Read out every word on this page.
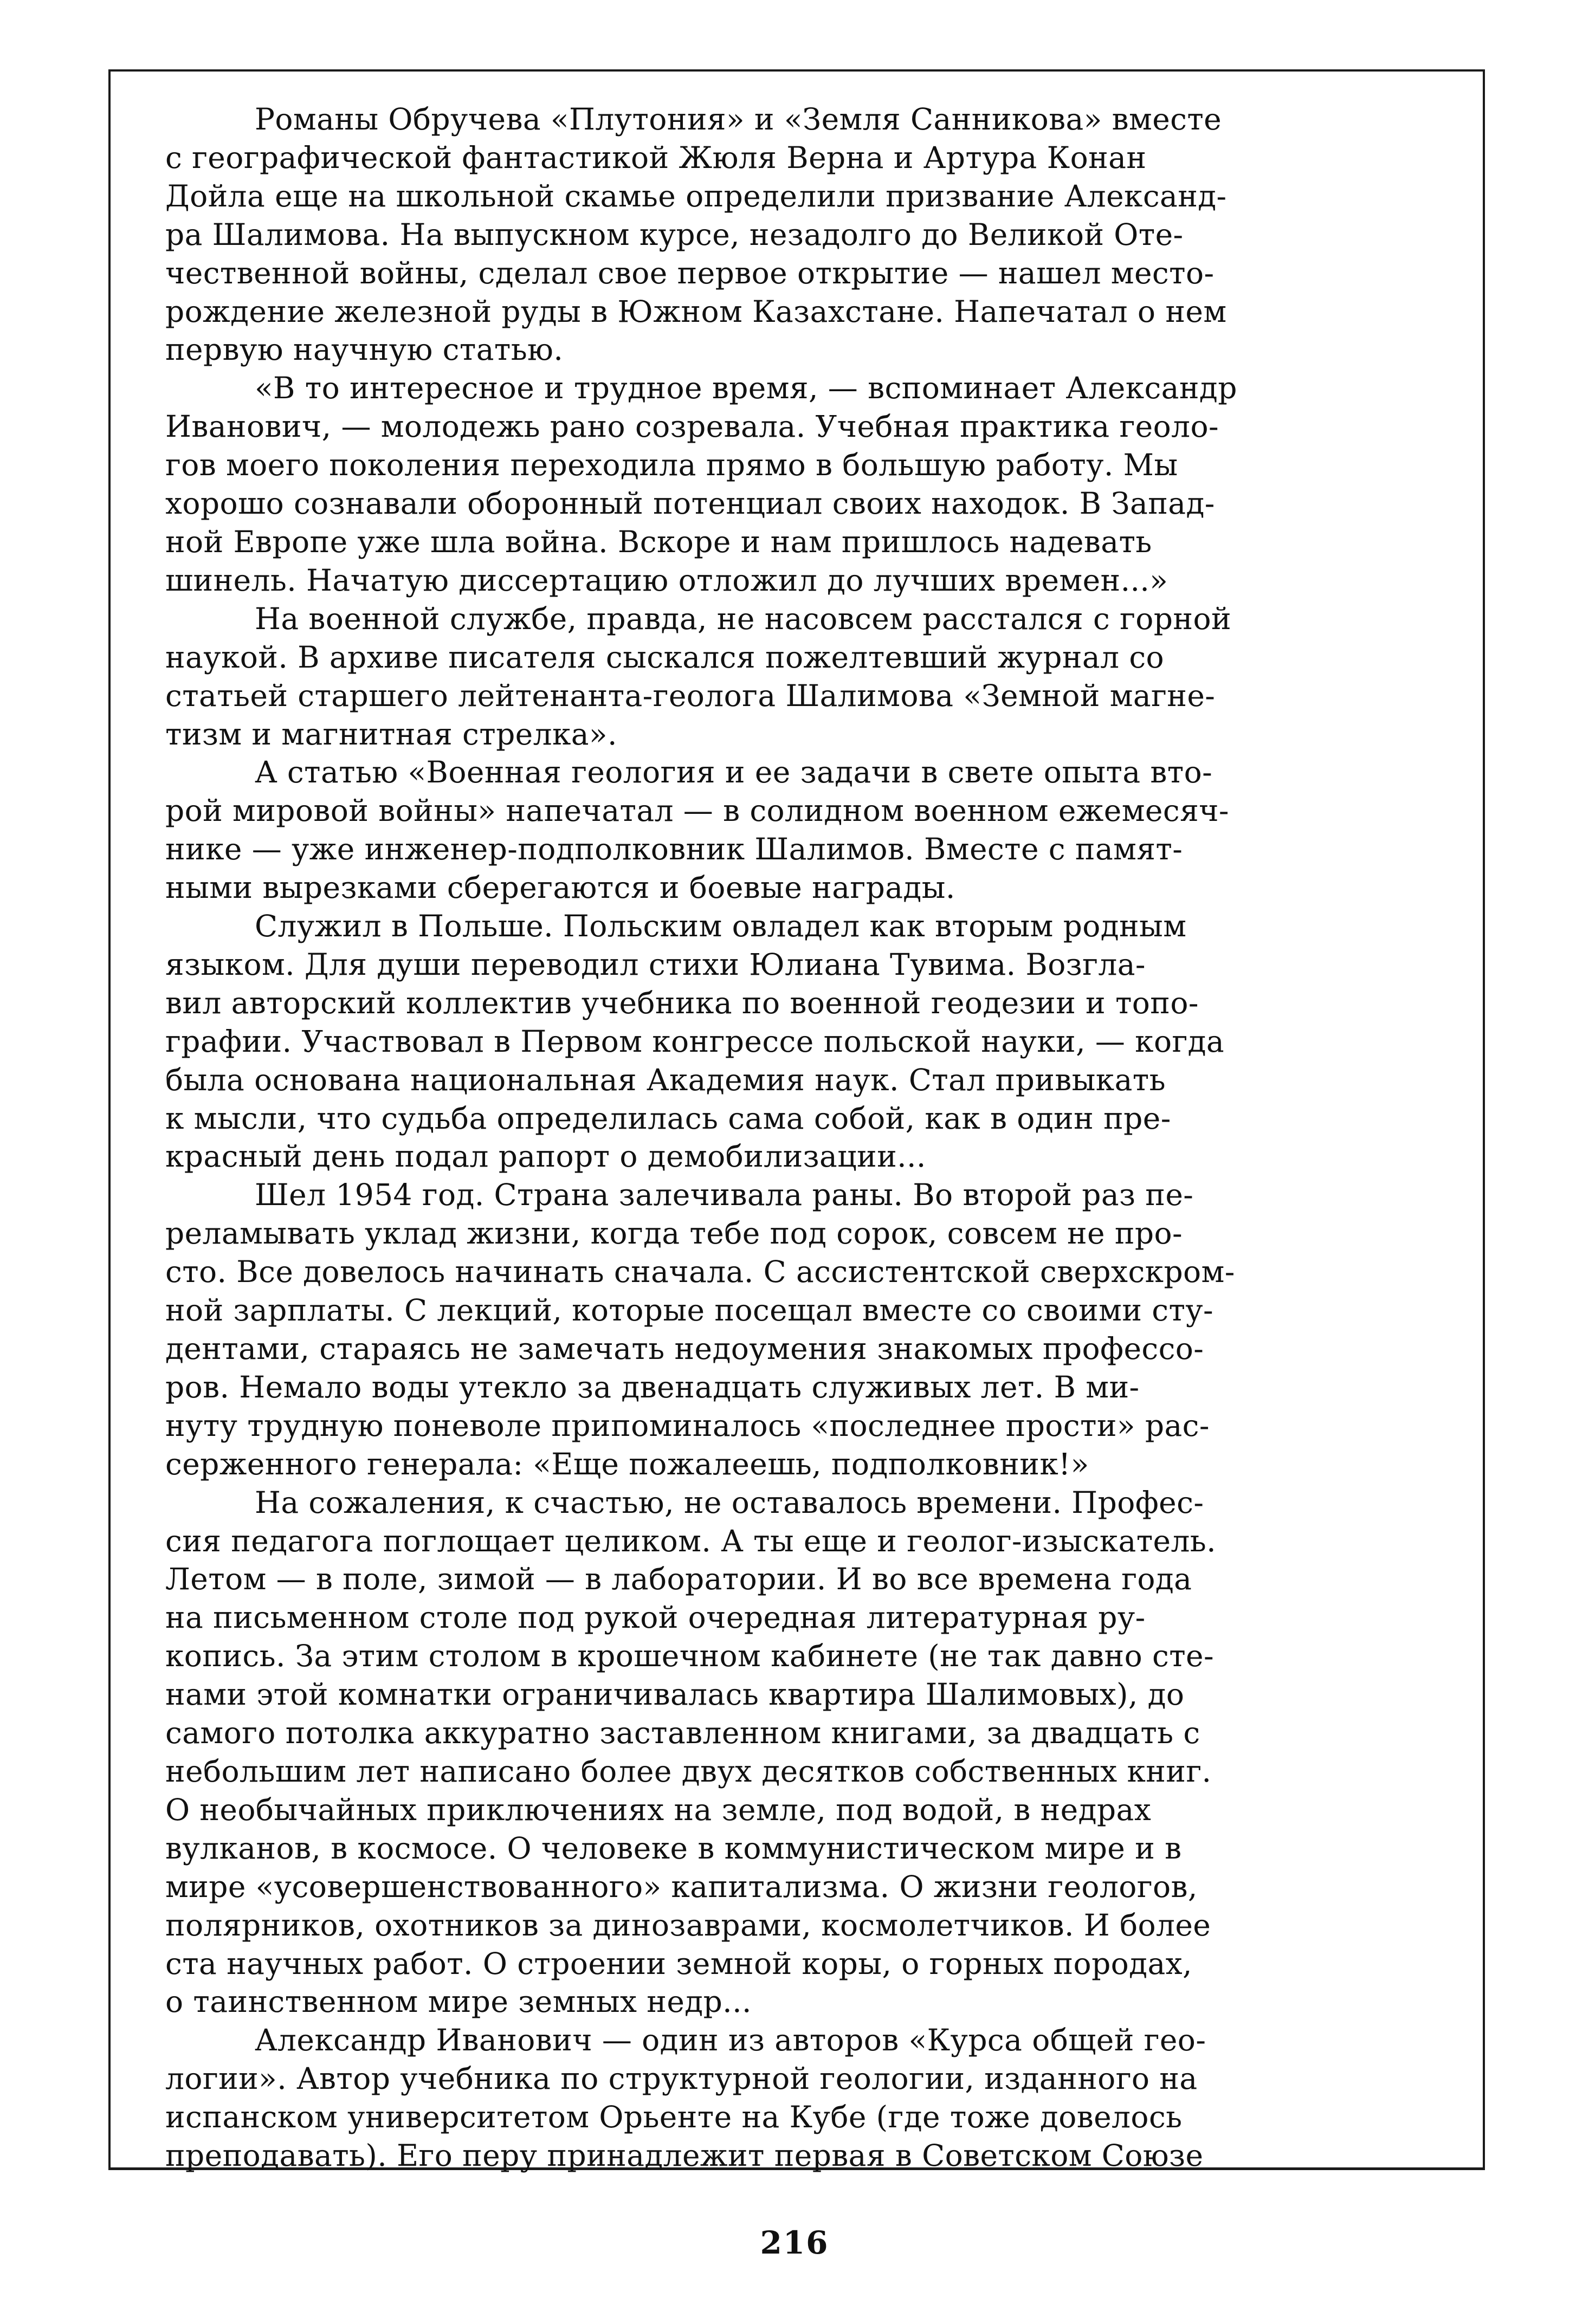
Романы Обручева «Плутония» и «Земля Санникова» вместе
с географической фантастикой Жюля Верна и Артура Конан
Дойла еще на школьной скамье определили призвание Александ-
ра Шалимова. На выпускном курсе, незадолго до Великой Оте-
чественной войны, сделал свое первое открытие — нашел место-
рождение железной руды в Южном Казахстане. Напечатал о нем
первую научную статью.

«В то интересное и трудное время, — вспоминает Александр
Иванович, — молодежь рано созревала. Учебная практика геоло-
гов моего поколения переходила прямо в большую работу. Мы
хорошо сознавали оборонный потенциал своих находок. В Запад-
ной Европе уже шла война. Вскоре и нам пришлось надевать
шинель. Начатую диссертацию отложил до лучших времен...»

На военной службе, правда, не насовсем расстался с горной
наукой. В архиве писателя сыскался пожелтевший журнал со
статьей старшего лейтенанта-геолога Шалимова «Земной магне-
тизм и магнитная стрелка».

А статью «Военная геология и ее задачи в свете опыта вто-
рой мировой войны» напечатал — в солидном военном ежемесяч-
нике — уже инженер-подполковник Шалимов. Вместе с памят-
ными вырезками сберегаются и боевые награды.

Служил в Польше. Польским овладел как вторым родным
языком. Для души переводил стихи Юлиана Тувима. Возгла-
вил авторский коллектив учебника по военной геодезии и топо-
графии. Участвовал в Первом конгрессе польской науки, — когда
была основана национальная Академия наук. Стал привыкать
к мысли, что судьба определилась сама собой, как в один пре-
красный день подал рапорт о демобилизации...

Шел 1954 год. Страна залечивала раны. Во второй раз пе-
реламывать уклад жизни, когда тебе под сорок, совсем не про-
сто. Все довелось начинать сначала. С ассистентской сверхскром-
ной зарплаты. С лекций, которые посещал вместе со своими сту-
дентами, стараясь не замечать недоумения знакомых профессо-
ров. Немало воды утекло за двенадцать служивых лет. В ми-
нуту трудную поневоле припоминалось «последнее прости» рас-
серженного генерала: «Еще пожалеешь, подполковник!»

На сожаления, к счастью, не оставалось времени. Профес-
сия педагога поглощает целиком. А ты еще и геолог-изыскатель.
Летом — в поле, зимой — в лаборатории. И во все времена года
на письменном столе под рукой очередная литературная ру-
копись. За этим столом в крошечном кабинете (не так давно сте-
нами этой комнатки ограничивалась квартира Шалимовых), до
самого потолка аккуратно заставленном книгами, за двадцать с
небольшим лет написано более двух десятков собственных книг.
О необычайных приключениях на земле, под водой, в недрах
вулканов, в космосе. О человеке в коммунистическом мире и в
мире «усовершенствованного» капитализма. О жизни геологов,
полярников, охотников за динозаврами, космолетчиков. И более
ста научных работ. О строении земной коры, о горных породах,
о таинственном мире земных недр...

Александр Иванович — один из авторов «Курса общей гео-
логии». Автор учебника по структурной геологии, изданного на
испанском университетом Орьенте на Кубе (где тоже довелось
преподавать). Его перу принадлежит первая в Советском Союзе

216
